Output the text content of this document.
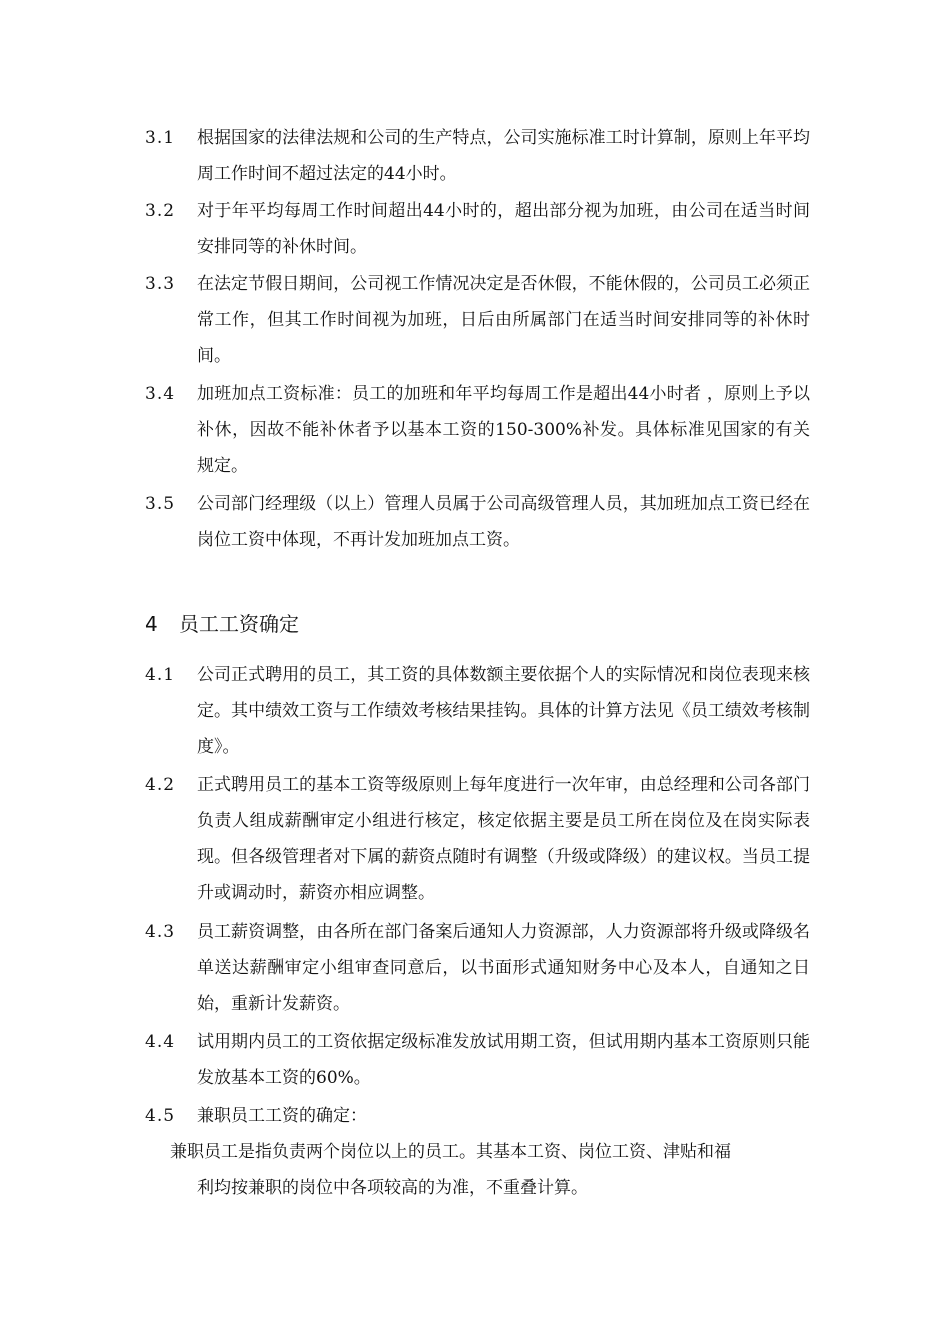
3.1	根据国家的法律法规和公司的生产特点，公司实施标准工时计算制，原则上年平均周工作时间不超过法定的44小时。
3.2	对于年平均每周工作时间超出44小时的，超出部分视为加班，由公司在适当时间安排同等的补休时间。
3.3	在法定节假日期间，公司视工作情况决定是否休假，不能休假的，公司员工必须正常工作，但其工作时间视为加班，日后由所属部门在适当时间安排同等的补休时间。
3.4	加班加点工资标准：员工的加班和年平均每周工作是超出44小时者 ，原则上予以补休，因故不能补休者予以基本工资的150-300%补发。具体标准见国家的有关规定。
3.5	公司部门经理级（以上）管理人员属于公司高级管理人员，其加班加点工资已经在岗位工资中体现，不再计发加班加点工资。
4 员工工资确定
4.1	公司正式聘用的员工，其工资的具体数额主要依据个人的实际情况和岗位表现来核定。其中绩效工资与工作绩效考核结果挂钩。具体的计算方法见《员工绩效考核制度》。
4.2	正式聘用员工的基本工资等级原则上每年度进行一次年审，由总经理和公司各部门负责人组成薪酬审定小组进行核定，核定依据主要是员工所在岗位及在岗实际表现。但各级管理者对下属的薪资点随时有调整（升级或降级）的建议权。当员工提升或调动时，薪资亦相应调整。
4.3	员工薪资调整，由各所在部门备案后通知人力资源部，人力资源部将升级或降级名单送达薪酬审定小组审查同意后，以书面形式通知财务中心及本人，自通知之日始，重新计发薪资。
4.4	试用期内员工的工资依据定级标准发放试用期工资，但试用期内基本工资原则只能发放基本工资的60%。
4.5	兼职员工工资的确定：
兼职员工是指负责两个岗位以上的员工。其基本工资、岗位工资、津贴和福
利均按兼职的岗位中各项较高的为准，不重叠计算。
